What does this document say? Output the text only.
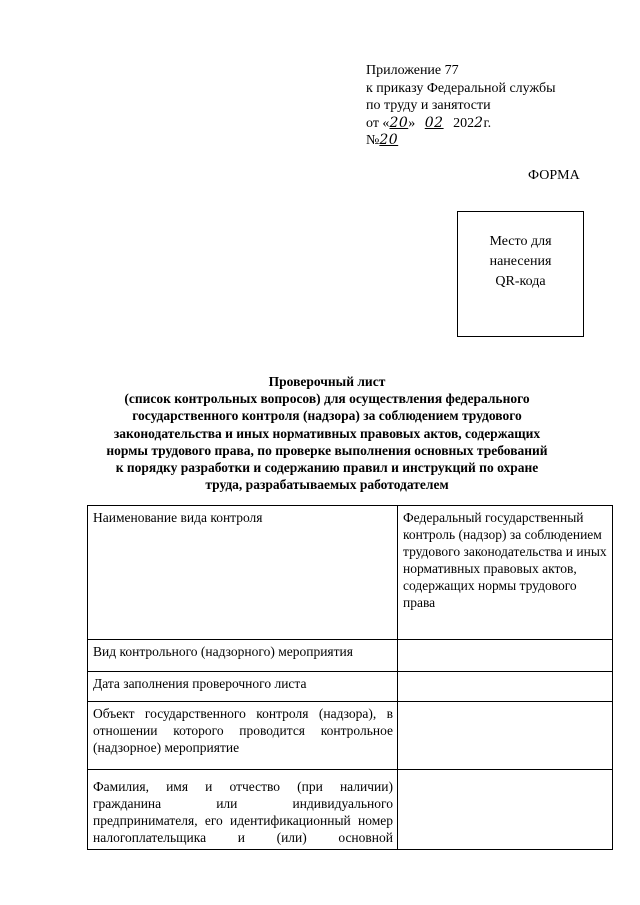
Приложение 77
к приказу Федеральной службы
по труду и занятости
от «20» 02 2022г.
№20
ФОРМА
Место для
нанесения
QR-кода
Проверочный лист
(список контрольных вопросов) для осуществления федерального
государственного контроля (надзора) за соблюдением трудового
законодательства и иных нормативных правовых актов, содержащих
нормы трудового права, по проверке выполнения основных требований
к порядку разработки и содержанию правил и инструкций по охране
труда, разрабатываемых работодателем
Наименование вида контроля	Федеральный государственный контроль (надзор) за соблюдением трудового законодательства и иных нормативных правовых актов, содержащих нормы трудового права
Вид контрольного (надзорного) мероприятия	
Дата заполнения проверочного листа	
Объект государственного контроля (надзора), в отношении которого проводится контрольное (надзорное) мероприятие	
Фамилия, имя и отчество (при наличии) гражданина или индивидуального предпринимателя, его идентификационный номер налогоплательщика и (или) основной	
